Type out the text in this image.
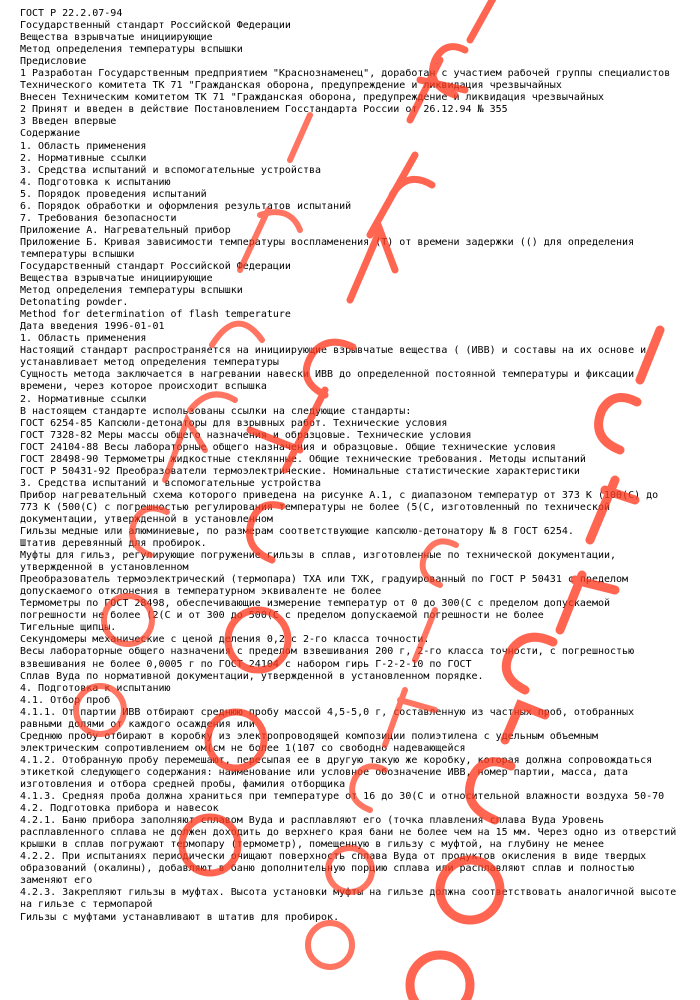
ГОСТ Р 22.2.07-94
Государственный стандарт Российской Федерации
Вещества взрывчатые инициирующие
Метод определения температуры вспышки
Предисловие
1 Разработан Государственным предприятием "Краснознаменец", доработан с участием рабочей группы специалистов Технического комитета ТК 71 "Гражданская оборона, предупреждение и ликвидация чрезвычайных
Внесен Техническим комитетом ТК 71 "Гражданская оборона, предупреждение и ликвидация чрезвычайных
2 Принят и введен в действие Постановлением Госстандарта России от 26.12.94 № 355
3 Введен впервые
Содержание
1. Область применения
2. Нормативные ссылки
3. Средства испытаний и вспомогательные устройства
4. Подготовка к испытанию
5. Порядок проведения испытаний
6. Порядок обработки и оформления результатов испытаний
7. Требования безопасности
Приложение А. Нагревательный прибор
Приложение Б. Кривая зависимости температуры воспламенения (Т) от времени задержки (() для определения температуры вспышки
Государственный стандарт Российской Федерации
Вещества взрывчатые инициирующие
Метод определения температуры вспышки
Detonating powder.
Method for determination of flash temperature
Дата введения 1996-01-01
1. Область применения
Настоящий стандарт распространяется на инициирующие взрывчатые вещества ( (ИВВ) и составы на их основе и устанавливает метод определения температуры
Сущность метода заключается в нагревании навески ИВВ до определенной постоянной температуры и фиксации времени, через которое происходит вспышка
2. Нормативные ссылки
В настоящем стандарте использованы ссылки на следующие стандарты:
ГОСТ 6254-85 Капсюли-детонаторы для взрывных работ. Технические условия
ГОСТ 7328-82 Меры массы общего назначения и образцовые. Технические условия
ГОСТ 24104-88 Весы лабораторные общего назначения и образцовые. Общие технические условия
ГОСТ 28498-90 Термометры жидкостные стеклянные. Общие технические требования. Методы испытаний
ГОСТ Р 50431-92 Преобразователи термоэлектрические. Номинальные статистические характеристики
3. Средства испытаний и вспомогательные устройства
Прибор нагревательный схема которого приведена на рисунке А.1, с диапазоном температур от 373 К (100(С) до 773 К (500(С) с погрешностью регулирования температуры не более (5(С, изготовленный по технической документации, утвержденной в установленном
Гильзы медные или алюминиевые, по размерам соответствующие капсюлю-детонатору № 8 ГОСТ 6254.
Штатив деревянный для пробирок.
Муфты для гильз, регулирующие погружение гильзы в сплав, изготовленные по технической документации, утвержденной в установленном
Преобразователь термоэлектрический (термопара) ТХА или ТХК, градуированный по ГОСТ Р 50431 с пределом допускаемого отклонения в температурном эквиваленте не более
Термометры по ГОСТ 28498, обеспечивающие измерение температур от 0 до 300(С с пределом допускаемой погрешности не более (2(С и от 300 до 500(С с пределом допускаемой погрешности не более
Тигельные щипцы.
Секундомеры механические с ценой деления 0,2 с 2-го класса точности.
Весы лабораторные общего назначения с пределом взвешивания 200 г, 2-го класса точности, с погрешностью взвешивания не более 0,0005 г по ГОСТ 24104 с набором гирь Г-2-2-10 по ГОСТ
Сплав Вуда по нормативной документации, утвержденной в установленном порядке.
4. Подготовка к испытанию
4.1. Отбор проб
4.1.1. От партии ИВВ отбирают среднюю пробу массой 4,5-5,0 г, составленную из частных проб, отобранных равными долями от каждого осаждения или
Среднюю пробу отбирают в коробку из электропроводящей композиции полиэтилена с удельным объемным электрическим сопротивлением ом(см не более 1(107 со свободно надевающейся
4.1.2. Отобранную пробу перемешают, пересыпая ее в другую такую же коробку, которая должна сопровождаться этикеткой следующего содержания: наименование или условное обозначение ИВВ, номер партии, масса, дата изготовления и отбора средней пробы, фамилия отборщика
4.1.3. Средняя проба должна храниться при температуре от 16 до 30(С и относительной влажности воздуха 50-70
4.2. Подготовка прибора и навесок
4.2.1. Баню прибора заполняют сплавом Вуда и расплавляют его (точка плавления сплава Вуда Уровень расплавленного сплава не должен доходить до верхнего края бани не более чем на 15 мм. Через одно из отверстий крышки в сплав погружают термопару (термометр), помещенную в гильзу с муфтой, на глубину не менее
4.2.2. При испытаниях периодически очищают поверхность сплава Вуда от продуктов окисления в виде твердых образований (окалины), добавляют в баню дополнительную порцию сплава или расплавляют сплав и полностью заменяют его
4.2.3. Закрепляют гильзы в муфтах. Высота установки муфты на гильзе должна соответствовать аналогичной высоте на гильзе с термопарой
Гильзы с муфтами устанавливают в штатив для пробирок.
